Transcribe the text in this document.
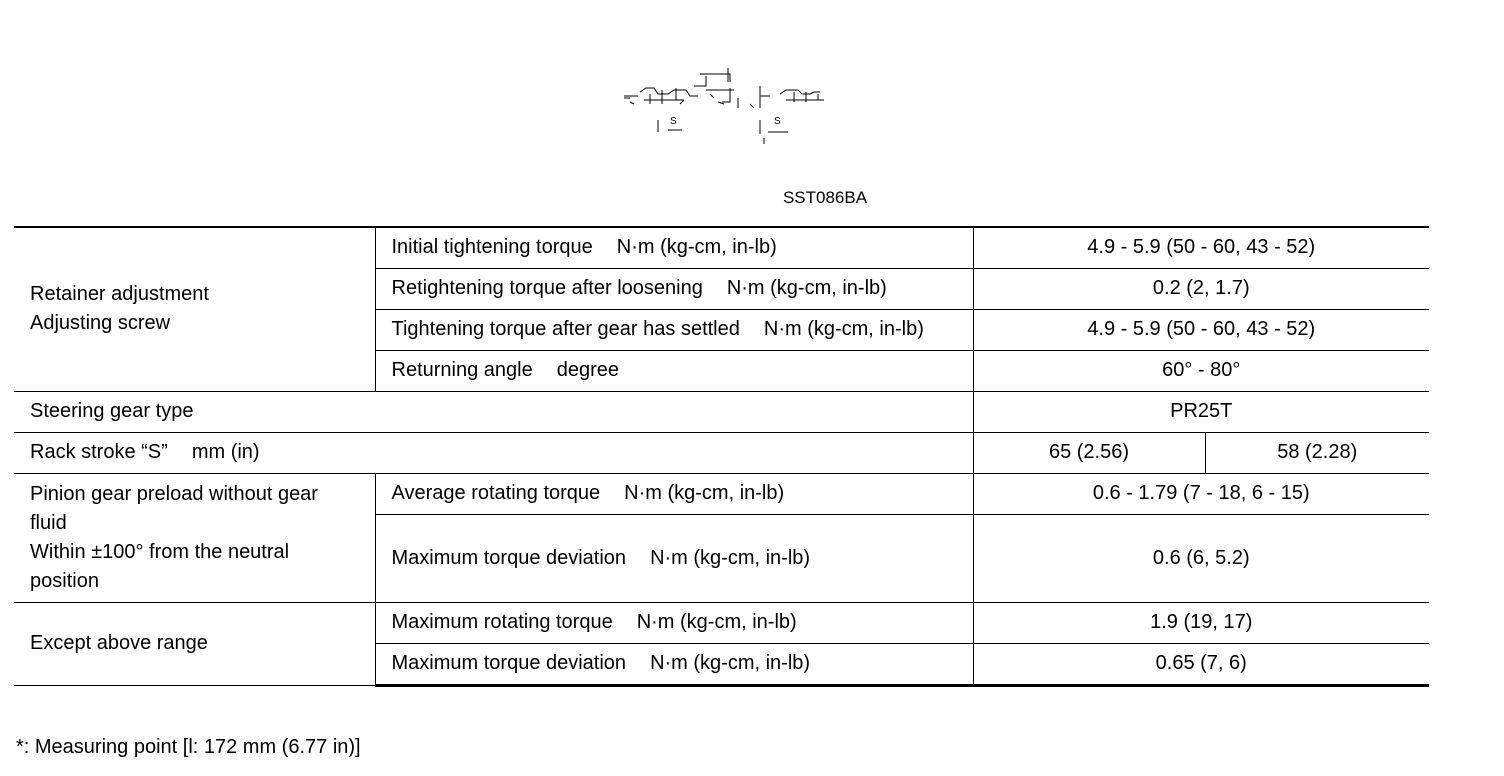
S	S
SST086BA
Retainer adjustment
Adjusting screw	Initial tightening torque N·m (kg-cm, in-lb)	4.9 - 5.9 (50 - 60, 43 - 52)	
	Retightening torque after loosening N·m (kg-cm, in-lb)	0.2 (2, 1.7)	
	Tightening torque after gear has settled N·m (kg-cm, in-lb)	4.9 - 5.9 (50 - 60, 43 - 52)	
	Returning angle degree	60° - 80°	
Steering gear type		PR25T	
Rack stroke “S” mm (in)		65 (2.56)	58 (2.28)

Pinion gear preload without gear fluid
Within ±100° from the neutral position	Average rotating torque N·m (kg-cm, in-lb)	0.6 - 1.79 (7 - 18, 6 - 15)	
	Maximum torque deviation N·m (kg-cm, in-lb)	0.6 (6, 5.2)	
Except above range	Maximum rotating torque N·m (kg-cm, in-lb)	1.9 (19, 17)	
	Maximum torque deviation N·m (kg-cm, in-lb)	0.65 (7, 6)	
*: Measuring point [l: 172 mm (6.77 in)]
